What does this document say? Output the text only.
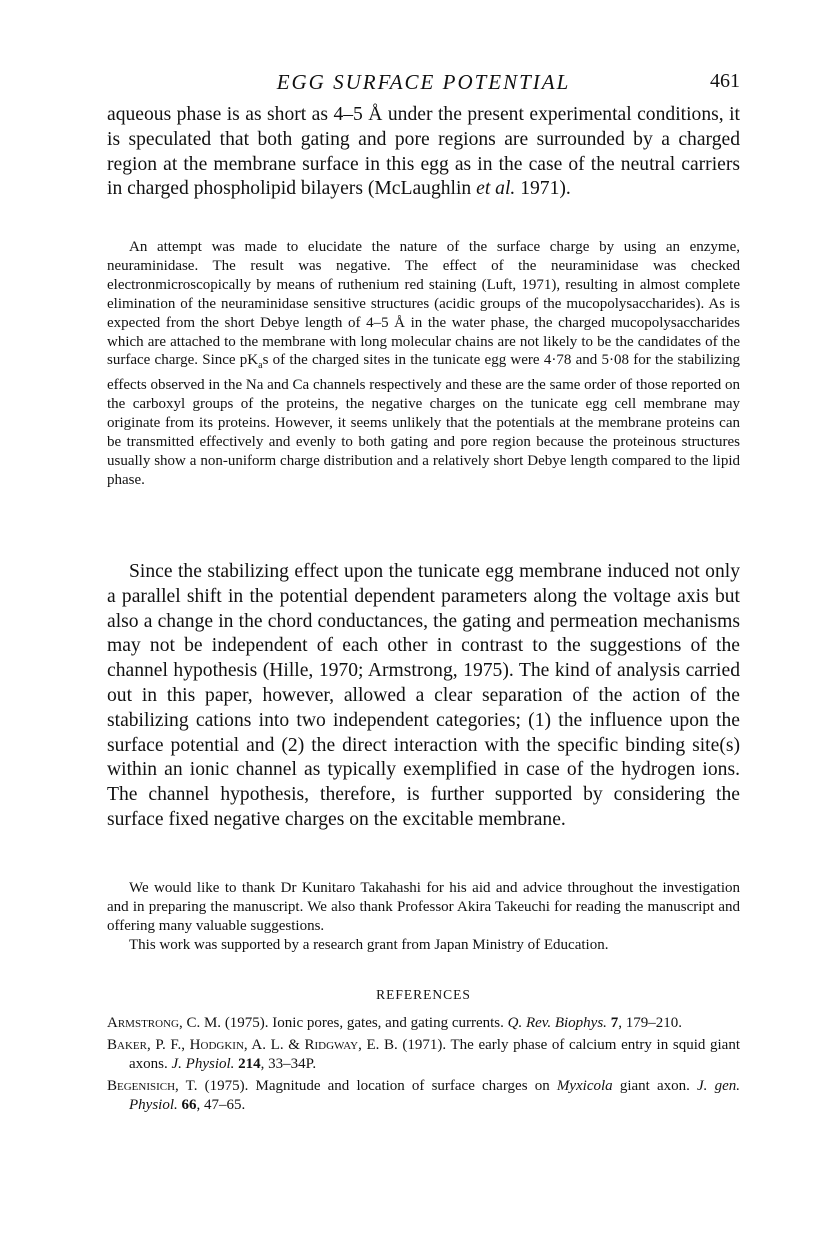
EGG SURFACE POTENTIAL	461

aqueous phase is as short as 4–5 Å under the present experimental conditions, it is speculated that both gating and pore regions are surrounded by a charged region at the membrane surface in this egg as in the case of the neutral carriers in charged phospholipid bilayers (McLaughlin et al. 1971).

An attempt was made to elucidate the nature of the surface charge by using an enzyme, neuraminidase. The result was negative. The effect of the neuraminidase was checked electronmicroscopically by means of ruthenium red staining (Luft, 1971), resulting in almost complete elimination of the neuraminidase sensitive structures (acidic groups of the mucopolysaccharides). As is expected from the short Debye length of 4–5 Å in the water phase, the charged mucopolysaccharides which are attached to the membrane with long molecular chains are not likely to be the candidates of the surface charge. Since $pK_as$ of the charged sites in the tunicate egg were 4·78 and 5·08 for the stabilizing effects observed in the Na and Ca channels respectively and these are the same order of those reported on the carboxyl groups of the proteins, the negative charges on the tunicate egg cell membrane may originate from its proteins. However, it seems unlikely that the potentials at the membrane proteins can be transmitted effectively and evenly to both gating and pore region because the proteinous structures usually show a non-uniform charge distribution and a relatively short Debye length compared to the lipid phase.

Since the stabilizing effect upon the tunicate egg membrane induced not only a parallel shift in the potential dependent parameters along the voltage axis but also a change in the chord conductances, the gating and permeation mechanisms may not be independent of each other in contrast to the suggestions of the channel hypothesis (Hille, 1970; Armstrong, 1975). The kind of analysis carried out in this paper, however, allowed a clear separation of the action of the stabilizing cations into two independent categories; (1) the influence upon the surface potential and (2) the direct interaction with the specific binding site(s) within an ionic channel as typically exemplified in case of the hydrogen ions. The channel hypothesis, therefore, is further supported by considering the surface fixed negative charges on the excitable membrane.

We would like to thank Dr Kunitaro Takahashi for his aid and advice throughout the investigation and in preparing the manuscript. We also thank Professor Akira Takeuchi for reading the manuscript and offering many valuable suggestions.

This work was supported by a research grant from Japan Ministry of Education.

REFERENCES

Armstrong, C. M. (1975). Ionic pores, gates, and gating currents. Q. Rev. Biophys. 7, 179–210.

Baker, P. F., Hodgkin, A. L. & Ridgway, E. B. (1971). The early phase of calcium entry in squid giant axons. J. Physiol. 214, 33–34P.

Begenisich, T. (1975). Magnitude and location of surface charges on Myxicola giant axon. J. gen. Physiol. 66, 47–65.
